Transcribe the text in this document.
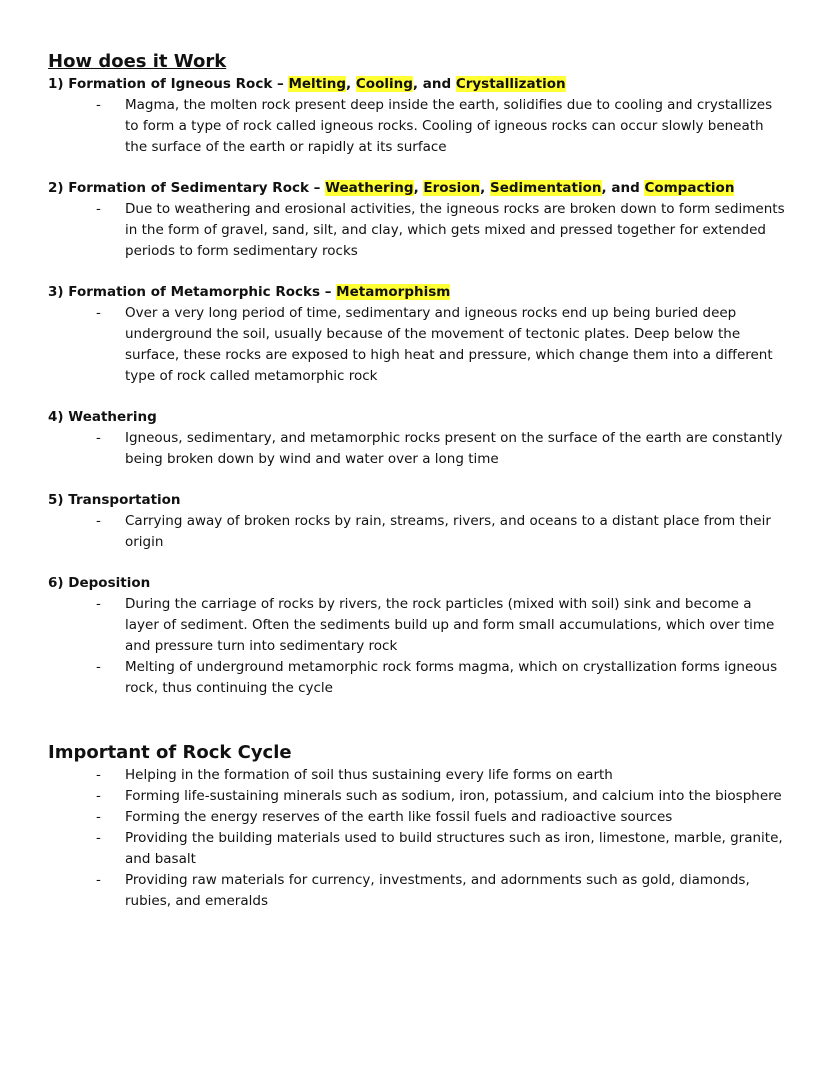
How does it Work

1) Formation of Igneous Rock – Melting, Cooling, and Crystallization

- Magma, the molten rock present deep inside the earth, solidifies due to cooling and crystallizes to form a type of rock called igneous rocks. Cooling of igneous rocks can occur slowly beneath the surface of the earth or rapidly at its surface

2) Formation of Sedimentary Rock – Weathering, Erosion, Sedimentation, and Compaction

- Due to weathering and erosional activities, the igneous rocks are broken down to form sediments in the form of gravel, sand, silt, and clay, which gets mixed and pressed together for extended periods to form sedimentary rocks

3) Formation of Metamorphic Rocks – Metamorphism

- Over a very long period of time, sedimentary and igneous rocks end up being buried deep underground the soil, usually because of the movement of tectonic plates. Deep below the surface, these rocks are exposed to high heat and pressure, which change them into a different type of rock called metamorphic rock

4) Weathering

- Igneous, sedimentary, and metamorphic rocks present on the surface of the earth are constantly being broken down by wind and water over a long time

5) Transportation

- Carrying away of broken rocks by rain, streams, rivers, and oceans to a distant place from their origin

6) Deposition

- During the carriage of rocks by rivers, the rock particles (mixed with soil) sink and become a layer of sediment. Often the sediments build up and form small accumulations, which over time and pressure turn into sedimentary rock
- Melting of underground metamorphic rock forms magma, which on crystallization forms igneous rock, thus continuing the cycle
Important of Rock Cycle
- Helping in the formation of soil thus sustaining every life forms on earth
- Forming life-sustaining minerals such as sodium, iron, potassium, and calcium into the biosphere
- Forming the energy reserves of the earth like fossil fuels and radioactive sources
- Providing the building materials used to build structures such as iron, limestone, marble, granite, and basalt
- Providing raw materials for currency, investments, and adornments such as gold, diamonds, rubies, and emeralds
